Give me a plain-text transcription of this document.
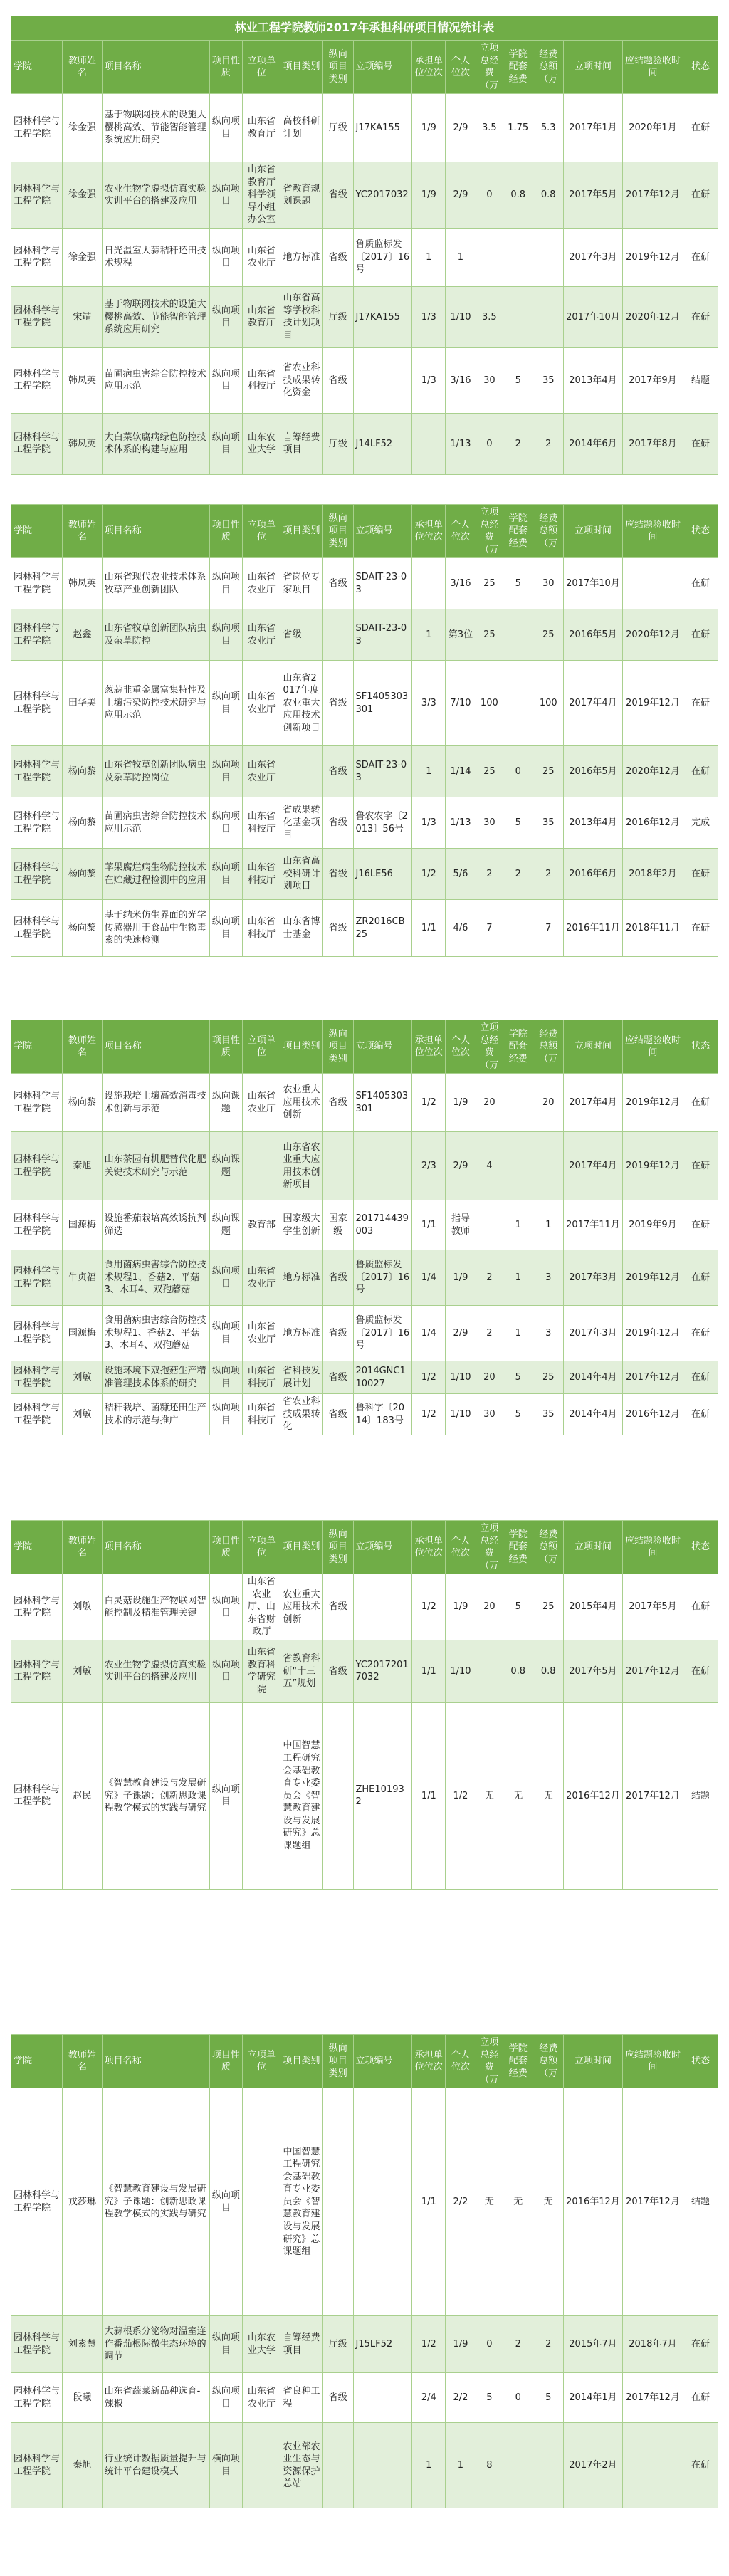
林业工程学院教师2017年承担科研项目情况统计表
学院	教师姓名	项目名称	项目性质	立项单位	项目类别	纵向项目类别	立项编号	承担单位位次	个人位次	立项总经费（万	学院配套经费	经费总额（万	立项时间	应结题验收时间	状态
园林科学与工程学院	徐金强	基于物联网技术的设施大樱桃高效、节能智能管理系统应用研究	纵向项目	山东省教育厅	高校科研计划	厅级	J17KA155	1/9	2/9	3.5	1.75	5.3	2017年1月	2020年1月	在研
园林科学与工程学院	徐金强	农业生物学虚拟仿真实验实训平台的搭建及应用	纵向项目	山东省教育厅科学领导小组办公室	省教育规划课题	省级	YC2017032	1/9	2/9	0	0.8	0.8	2017年5月	2017年12月	在研
园林科学与工程学院	徐金强	日光温室大蒜秸秆还田技术规程	纵向项目	山东省农业厅	地方标准	省级	鲁质监标发〔2017〕16号	1	1				2017年3月	2019年12月	在研
园林科学与工程学院	宋靖	基于物联网技术的设施大樱桃高效、节能智能管理系统应用研究	纵向项目	山东省教育厅	山东省高等学校科技计划项目	厅级	J17KA155	1/3	1/10	3.5			2017年10月	2020年12月	在研
园林科学与工程学院	韩凤英	苗圃病虫害综合防控技术应用示范	纵向项目	山东省科技厅	省农业科技成果转化资金	省级		1/3	3/16	30	5	35	2013年4月	2017年9月	结题
园林科学与工程学院	韩凤英	大白菜软腐病绿色防控技术体系的构建与应用	纵向项目	山东农业大学	自筹经费项目	厅级	J14LF52		1/13	0	2	2	2014年6月	2017年8月	在研
学院	教师姓名	项目名称	项目性质	立项单位	项目类别	纵向项目类别	立项编号	承担单位位次	个人位次	立项总经费（万	学院配套经费	经费总额（万	立项时间	应结题验收时间	状态
园林科学与工程学院	韩凤英	山东省现代农业技术体系牧草产业创新团队	纵向项目	山东省农业厅	省岗位专家项目	省级	SDAIT-23-03		3/16	25	5	30	2017年10月		在研
园林科学与工程学院	赵鑫	山东省牧草创新团队病虫及杂草防控	纵向项目	山东省农业厅	省级		SDAIT-23-03	1	第3位	25		25	2016年5月	2020年12月	在研
园林科学与工程学院	田华美	葱蒜韭重金属富集特性及土壤污染防控技术研究与应用示范	纵向项目	山东省农业厅	山东省2017年度农业重大应用技术创新项目	省级	SF1405303301	3/3	7/10	100		100	2017年4月	2019年12月	在研
园林科学与工程学院	杨向黎	山东省牧草创新团队病虫及杂草防控岗位	纵向项目	山东省农业厅		省级	SDAIT-23-03	1	1/14	25	0	25	2016年5月	2020年12月	在研
园林科学与工程学院	杨向黎	苗圃病虫害综合防控技术应用示范	纵向项目	山东省科技厅	省成果转化基金项目	省级	鲁农农字〔2013〕56号	1/3	1/13	30	5	35	2013年4月	2016年12月	完成
园林科学与工程学院	杨向黎	苹果腐烂病生物防控技术在贮藏过程检测中的应用	纵向项目	山东省科技厅	山东省高校科研计划项目	省级	J16LE56	1/2	5/6	2	2	2	2016年6月	2018年2月	在研
园林科学与工程学院	杨向黎	基于纳米仿生界面的光学传感器用于食品中生物毒素的快速检测	纵向项目	山东省科技厅	山东省博士基金	省级	ZR2016CB25	1/1	4/6	7		7	2016年11月	2018年11月	在研
学院	教师姓名	项目名称	项目性质	立项单位	项目类别	纵向项目类别	立项编号	承担单位位次	个人位次	立项总经费（万	学院配套经费	经费总额（万	立项时间	应结题验收时间	状态
园林科学与工程学院	杨向黎	设施栽培土壤高效消毒技术创新与示范	纵向课题	山东省农业厅	农业重大应用技术创新	省级	SF1405303301	1/2	1/9	20		20	2017年4月	2019年12月	在研
园林科学与工程学院	秦旭	山东茶园有机肥替代化肥关键技术研究与示范	纵向课题		山东省农业重大应用技术创新项目			2/3	2/9	4			2017年4月	2019年12月	在研
园林科学与工程学院	国源梅	设施番茄栽培高效诱抗剂筛选	纵向课题	教育部	国家级大学生创新	国家级	201714439003	1/1	指导教师		1	1	2017年11月	2019年9月	在研
园林科学与工程学院	牛贞福	食用菌病虫害综合防控技术规程1、香菇2、平菇3、木耳4、双孢蘑菇	纵向项目	山东省农业厅	地方标准	省级	鲁质监标发〔2017〕16号	1/4	1/9	2	1	3	2017年3月	2019年12月	在研
园林科学与工程学院	国源梅	食用菌病虫害综合防控技术规程1、香菇2、平菇3、木耳4、双孢蘑菇	纵向项目	山东省农业厅	地方标准	省级	鲁质监标发〔2017〕16号	1/4	2/9	2	1	3	2017年3月	2019年12月	在研
园林科学与工程学院	刘敏	设施环境下双孢菇生产精准管理技术体系的研究	纵向项目	山东省科技厅	省科技发展计划	省级	2014GNC110027	1/2	1/10	20	5	25	2014年4月	2017年12月	在研
园林科学与工程学院	刘敏	秸秆栽培、菌糠还田生产技术的示范与推广	纵向项目	山东省科技厅	省农业科技成果转化	省级	鲁科字〔2014〕183号	1/2	1/10	30	5	35	2014年4月	2016年12月	在研
学院	教师姓名	项目名称	项目性质	立项单位	项目类别	纵向项目类别	立项编号	承担单位位次	个人位次	立项总经费（万	学院配套经费	经费总额（万	立项时间	应结题验收时间	状态
园林科学与工程学院	刘敏	白灵菇设施生产物联网智能控制及精准管理关键	纵向项目	山东省农业厅、山东省财政厅	农业重大应用技术创新	省级		1/2	1/9	20	5	25	2015年4月	2017年5月	在研
园林科学与工程学院	刘敏	农业生物学虚拟仿真实验实训平台的搭建及应用	纵向项目	山东省教育科学研究院	省教育科研“十三五”规划	省级	YC20172017032	1/1	1/10		0.8	0.8	2017年5月	2017年12月	在研
园林科学与工程学院	赵民	《智慧教育建设与发展研究》子课题：创新思政课程教学模式的实践与研究	纵向项目		中国智慧工程研究会基础教育专业委员会《智慧教育建设与发展研究》总课题组		ZHE101932	1/1	1/2	无	无	无	2016年12月	2017年12月	结题
学院	教师姓名	项目名称	项目性质	立项单位	项目类别	纵向项目类别	立项编号	承担单位位次	个人位次	立项总经费（万	学院配套经费	经费总额（万	立项时间	应结题验收时间	状态
园林科学与工程学院	戎莎琳	《智慧教育建设与发展研究》子课题：创新思政课程教学模式的实践与研究	纵向项目		中国智慧工程研究会基础教育专业委员会《智慧教育建设与发展研究》总课题组			1/1	2/2	无	无	无	2016年12月	2017年12月	结题
园林科学与工程学院	刘素慧	大蒜根系分泌物对温室连作番茄根际微生态环境的调节	纵向项目	山东农业大学	自筹经费项目	厅级	J15LF52	1/2	1/9	0	2	2	2015年7月	2018年7月	在研
园林科学与工程学院	段曦	山东省蔬菜新品种选育-辣椒	纵向项目	山东省农业厅	省良种工程	省级		2/4	2/2	5	0	5	2014年1月	2017年12月	在研
园林科学与工程学院	秦旭	行业统计数据质量提升与统计平台建设模式	横向项目		农业部农业生态与资源保护总站			1	1	8			2017年2月		在研
